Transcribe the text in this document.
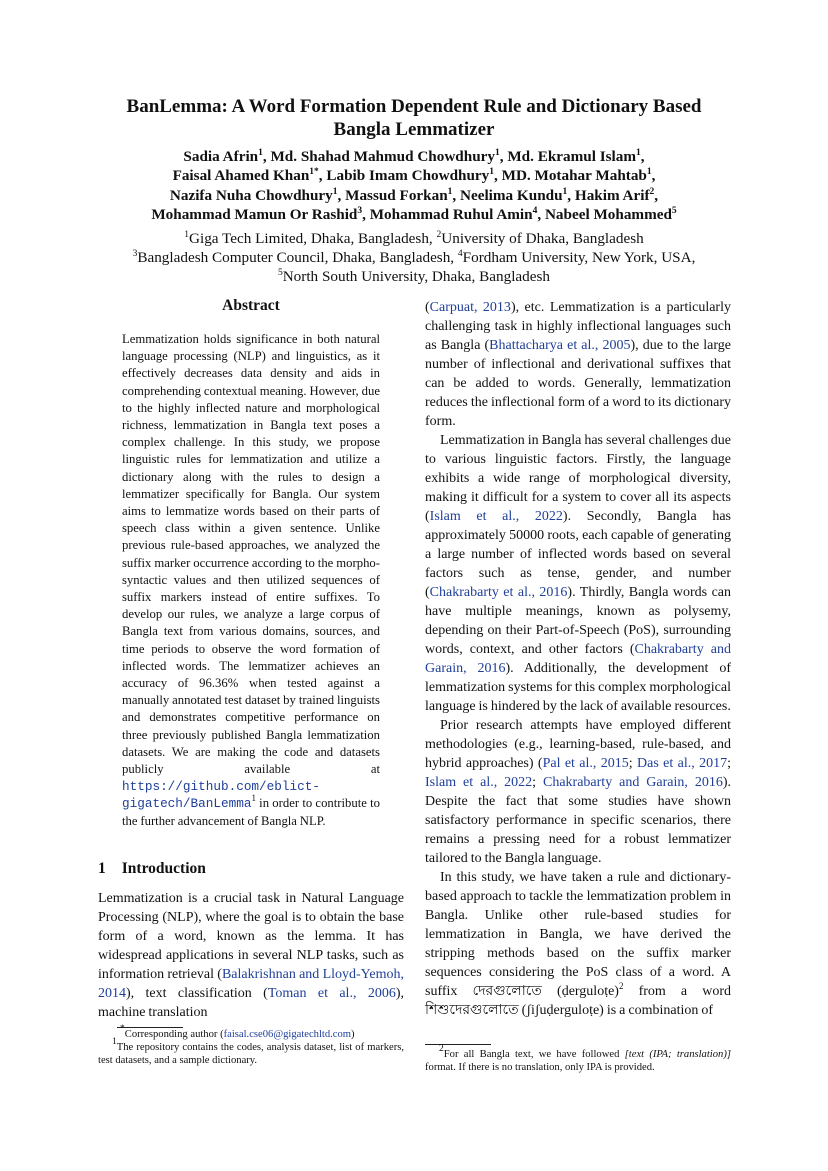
BanLemma: A Word Formation Dependent Rule and Dictionary Based
Bangla Lemmatizer
Sadia Afrin$^1$, Md. Shahad Mahmud Chowdhury$^1$, Md. Ekramul Islam$^1$,
Faisal Ahamed Khan$^{1*}$, Labib Imam Chowdhury$^1$, MD. Motahar Mahtab$^1$,
Nazifa Nuha Chowdhury$^1$, Massud Forkan$^1$, Neelima Kundu$^1$, Hakim Arif$^2$,
Mohammad Mamun Or Rashid$^3$, Mohammad Ruhul Amin$^4$, Nabeel Mohammed$^5$
$^1$Giga Tech Limited, Dhaka, Bangladesh, $^2$University of Dhaka, Bangladesh
$^3$Bangladesh Computer Council, Dhaka, Bangladesh, $^4$Fordham University, New York, USA,
$^5$North South University, Dhaka, Bangladesh
Abstract
Lemmatization holds significance in both natural language processing (NLP) and linguistics, as it effectively decreases data density and aids in comprehending contextual meaning. However, due to the highly inflected nature and morphological richness, lemmatization in Bangla text poses a complex challenge. In this study, we propose linguistic rules for lemmatization and utilize a dictionary along with the rules to design a lemmatizer specifically for Bangla. Our system aims to lemmatize words based on their parts of speech class within a given sentence. Unlike previous rule-based approaches, we analyzed the suffix marker occurrence according to the morpho-syntactic values and then utilized sequences of suffix markers instead of entire suffixes. To develop our rules, we analyze a large corpus of Bangla text from various domains, sources, and time periods to observe the word formation of inflected words. The lemmatizer achieves an accuracy of 96.36% when tested against a manually annotated test dataset by trained linguists and demonstrates competitive performance on three previously published Bangla lemmatization datasets. We are making the code and datasets publicly available at https://github.com/eblict-gigatech/BanLemma$^1$ in order to contribute to the further advancement of Bangla NLP.
1 Introduction

Lemmatization is a crucial task in Natural Language Processing (NLP), where the goal is to obtain the base form of a word, known as the lemma. It has widespread applications in several NLP tasks, such as information retrieval (Balakrishnan and Lloyd-Yemoh, 2014), text classification (Toman et al., 2006), machine translation

*Corresponding author (faisal.cse06@gigatechltd.com)

$^1$The repository contains the codes, analysis dataset, list of markers, test datasets, and a sample dictionary.

(Carpuat, 2013), etc. Lemmatization is a particularly challenging task in highly inflectional languages such as Bangla (Bhattacharya et al., 2005), due to the large number of inflectional and derivational suffixes that can be added to words. Generally, lemmatization reduces the inflectional form of a word to its dictionary form.

Lemmatization in Bangla has several challenges due to various linguistic factors. Firstly, the language exhibits a wide range of morphological diversity, making it difficult for a system to cover all its aspects (Islam et al., 2022). Secondly, Bangla has approximately 50000 roots, each capable of generating a large number of inflected words based on several factors such as tense, gender, and number (Chakrabarty et al., 2016). Thirdly, Bangla words can have multiple meanings, known as polysemy, depending on their Part-of-Speech (PoS), surrounding words, context, and other factors (Chakrabarty and Garain, 2016). Additionally, the development of lemmatization systems for this complex morphological language is hindered by the lack of available resources.

Prior research attempts have employed different methodologies (e.g., learning-based, rule-based, and hybrid approaches) (Pal et al., 2015; Das et al., 2017; Islam et al., 2022; Chakrabarty and Garain, 2016). Despite the fact that some studies have shown satisfactory performance in specific scenarios, there remains a pressing need for a robust lemmatizer tailored to the Bangla language.

In this study, we have taken a rule and dictionary-based approach to tackle the lemmatization problem in Bangla. Unlike other rule-based studies for lemmatization in Bangla, we have derived the stripping methods based on the suffix marker sequences considering the PoS class of a word. A suffix দেরগুলোতে (ḍerguloṭe)$^2$ from a word শিশুদেরগুলোতে (ʃiʃuḍerguloṭe) is a combination of

$^2$For all Bangla text, we have followed [text (IPA; translation)] format. If there is no translation, only IPA is provided.
